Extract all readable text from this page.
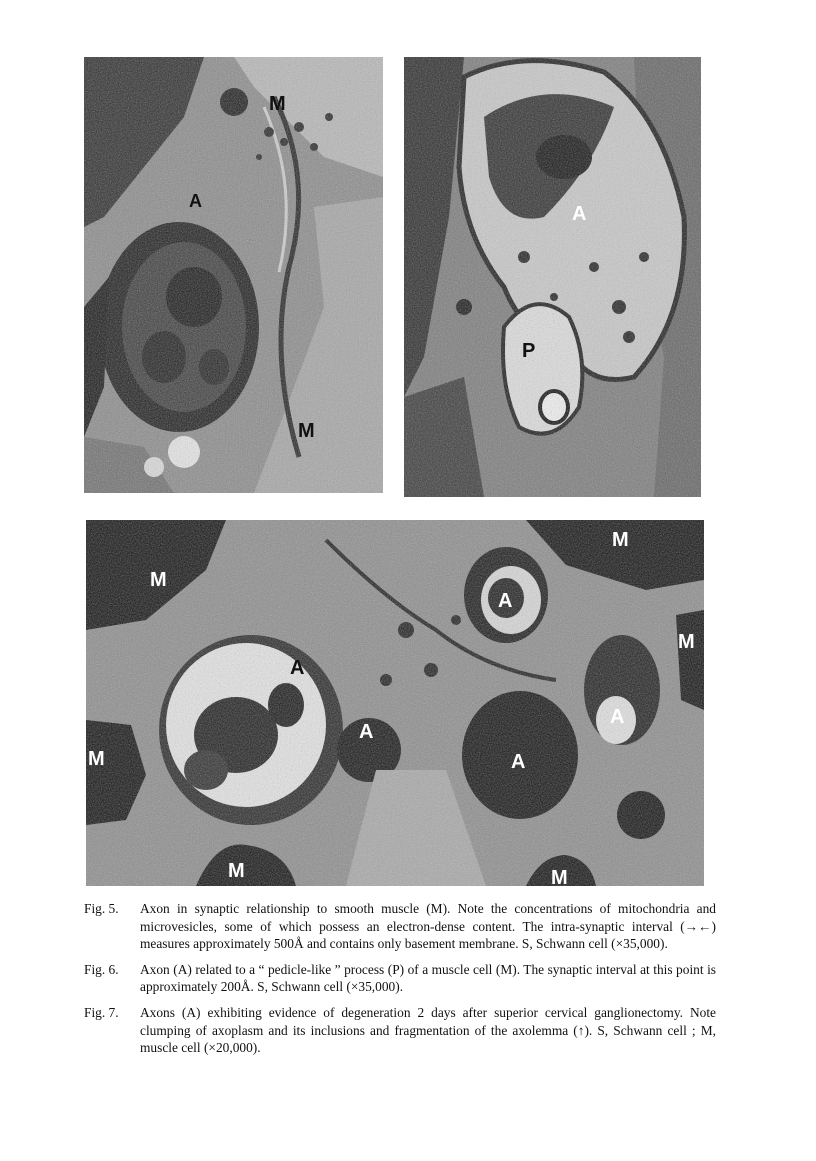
M
A
M
A
P
M
M
M
M
M	M
A
A
A
A
A
Fig. 5.	Axon in synaptic relationship to smooth muscle (M). Note the concentrations of mitochondria and microvesicles, some of which possess an electron-dense content. The intra-synaptic interval (→←) measures approximately 500Å and contains only basement membrane. S, Schwann cell (×35,000).
Fig. 6.	Axon (A) related to a “ pedicle-like ” process (P) of a muscle cell (M). The synaptic interval at this point is approximately 200Å. S, Schwann cell (×35,000).
Fig. 7.	Axons (A) exhibiting evidence of degeneration 2 days after superior cervical ganglionectomy. Note clumping of axoplasm and its inclusions and fragmentation of the axolemma (↑). S, Schwann cell ; M, muscle cell (×20,000).
